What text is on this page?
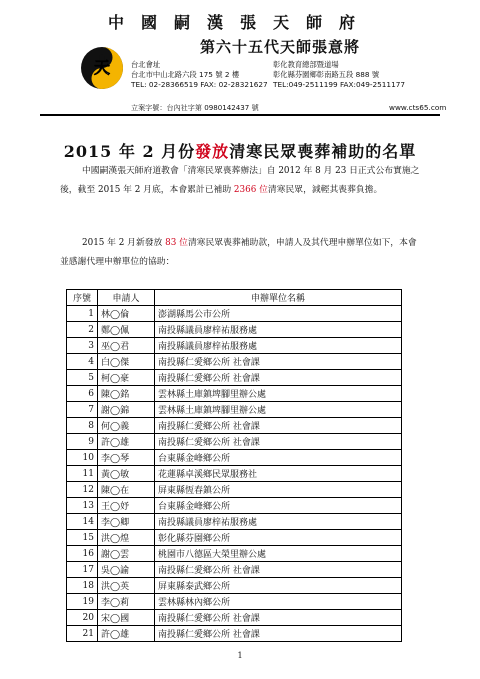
中國嗣漢張天師府
天
第六十五代天師張意將
台北會址
台北市中山北路六段 175 號 2 樓
TEL: 02-28366519 FAX: 02-28321627
彰化教育總部暨道場
彰化縣芬園鄉彰南路五段 888 號
TEL:049-2511199 FAX:049-2511177
立案字號：台內社字第 0980142437 號	www.cts65.com
2015 年 2 月份發放清寒民眾喪葬補助的名單
中國嗣漢張天師府道教會「清寒民眾喪葬辦法」自 2012 年 8 月 23 日正式公布實施之後，截至 2015 年 2 月底，本會累計已補助 2366 位清寒民眾，減輕其喪葬負擔。
2015 年 2 月新發放 83 位清寒民眾喪葬補助款，申請人及其代理申辦單位如下，本會並感謝代理申辦單位的協助：
序號	申請人	申辦單位名稱
1	林◯倫	澎湖縣馬公市公所
2	鄭◯佩	南投縣議員廖梓祐服務處
3	巫◯君	南投縣議員廖梓祐服務處
4	白◯傑	南投縣仁愛鄉公所 社會課
5	柯◯豪	南投縣仁愛鄉公所 社會課
6	陳◯銘	雲林縣土庫鎮埤腳里辦公處
7	謝◯錦	雲林縣土庫鎮埤腳里辦公處
8	何◯義	南投縣仁愛鄉公所 社會課
9	許◯雄	南投縣仁愛鄉公所 社會課
10	李◯琴	台東縣金峰鄉公所
11	黃◯敏	花蓮縣卓溪鄉民眾服務社
12	陳◯在	屏東縣恆春鎮公所
13	王◯妤	台東縣金峰鄉公所
14	李◯卿	南投縣議員廖梓祐服務處
15	洪◯煌	彰化縣芬園鄉公所
16	謝◯雲	桃園市八德區大榮里辦公處
17	吳◯諭	南投縣仁愛鄉公所 社會課
18	洪◯英	屏東縣泰武鄉公所
19	李◯莉	雲林縣林內鄉公所
20	宋◯國	南投縣仁愛鄉公所 社會課
21	許◯雄	南投縣仁愛鄉公所 社會課
1
